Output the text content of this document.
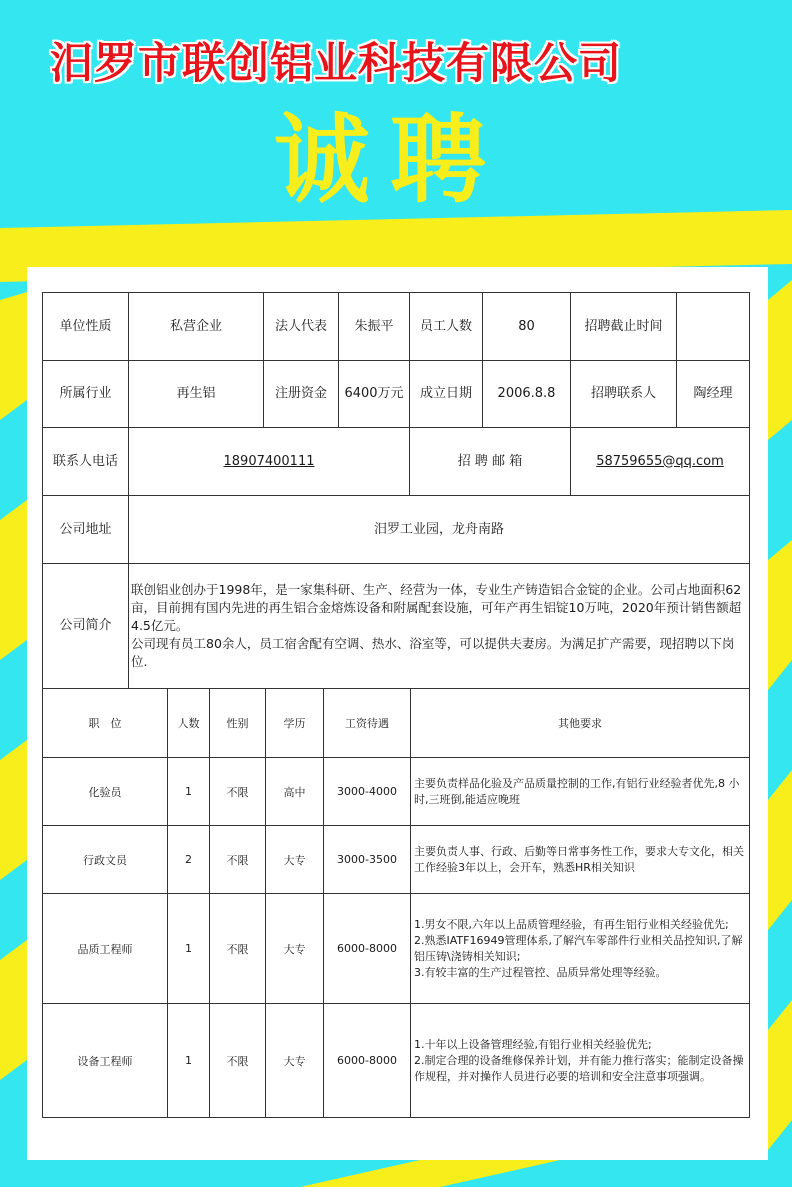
汨罗市联创铝业科技有限公司
诚聘
单位性质	私营企业	法人代表	朱振平	员工人数	80	招聘截止时间	
所属行业	再生铝	注册资金	6400万元	成立日期	2006.8.8	招聘联系人	陶经理
联系人电话	18907400111			招 聘 邮 箱		58759655@qq.com	
公司地址	汨罗工业园，龙舟南路						
公司简介	联创铝业创办于1998年，是一家集科研、生产、经营为一体，专业生产铸造铝合金锭的企业。公司占地面积62亩，目前拥有国内先进的再生铝合金熔炼设备和附属配套设施，可年产再生铝锭10万吨，2020年预计销售额超4.5亿元。
公司现有员工80余人，员工宿舍配有空调、热水、浴室等，可以提供夫妻房。为满足扩产需要，现招聘以下岗位.						
职　位	人数	性别	学历	工资待遇	其他要求
化验员	1	不限	高中	3000-4000	主要负责样品化验及产品质量控制的工作,有铝行业经验者优先,8 小时,三班倒,能适应晚班

行政文员	2	不限	大专	3000-3500	主要负责人事、行政、后勤等日常事务性工作，要求大专文化，相关工作经验3年以上，会开车，熟悉HR相关知识

品质工程师	1	不限	大专	6000-8000	1.男女不限,六年以上品质管理经验，有再生铝行业相关经验优先;
2.熟悉IATF16949管理体系,了解汽车零部件行业相关品控知识,了解铝压铸\浇铸相关知识;
3.有较丰富的生产过程管控、品质异常处理等经验。

设备工程师	1	不限	大专	6000-8000	1.十年以上设备管理经验,有铝行业相关经验优先;
2.制定合理的设备维修保养计划，并有能力推行落实；能制定设备操作规程，并对操作人员进行必要的培训和安全注意事项强调。
